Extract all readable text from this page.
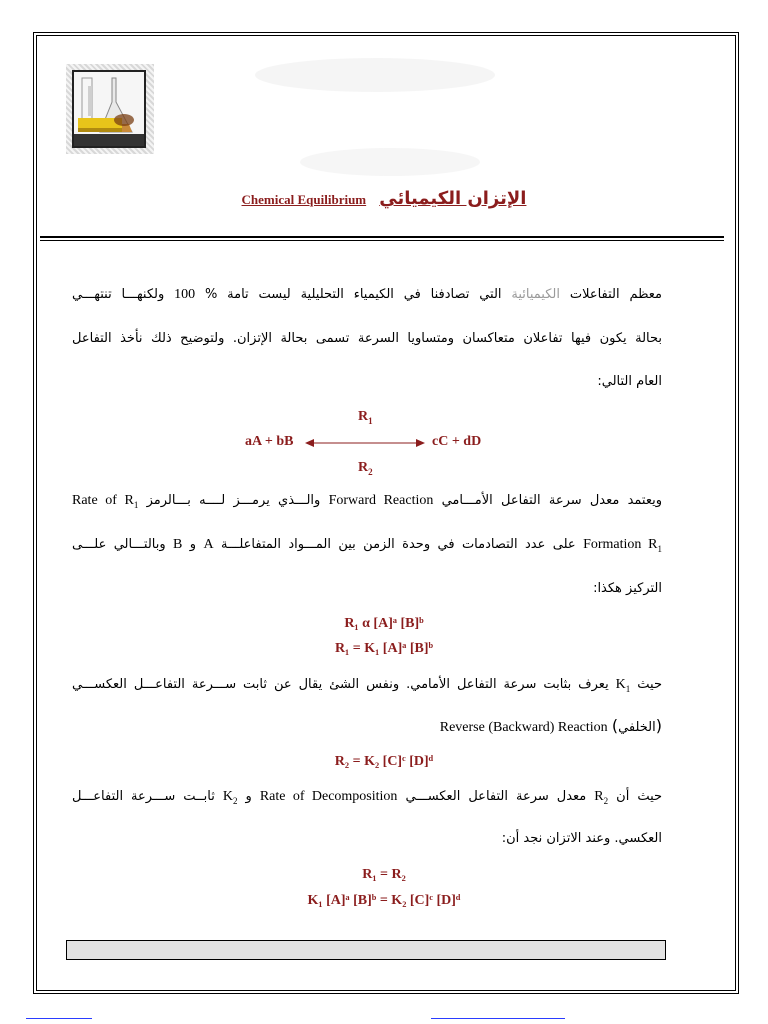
Chemical Equilibrium الإتزان الكيميائي
معظم التفاعلات الكيميائية التي تصادفنا في الكيمياء التحليلية ليست تامة % 100 ولكنهـــا تنتهـــي
بحالة يكون فيها تفاعلان متعاكسان ومتساويا السرعة تسمى بحالة الإتزان. ولتوضيح ذلك نأخذ التفاعل
العام التالي:
$R_1$
aA + bB	cC + dD
$R_2$
ويعتمد معدل سرعة التفاعل الأمـــامي Forward Reaction والـــذي يرمـــز لــــه بـــالرمز Rate of $R_1$
Formation $R_1$ على عدد التصادمات في وحدة الزمن بين المـــواد المتفاعلـــة A و B وبالتـــالي علـــى
التركيز هكذا:
R₁ α [A]ᵃ [B]ᵇ
R₁ = K₁ [A]ᵃ [B]ᵇ
حيث $K_1$ يعرف بثابت سرعة التفاعل الأمامي. ونفس الشئ يقال عن ثابت ســـرعة التفاعـــل العكســـي
(الخلفي) Reverse (Backward) Reaction
R₂ = K₂ [C]ᶜ [D]ᵈ
حيث أن $R_2$ معدل سرعة التفاعل العكســـي Rate of Decomposition و $K_2$ ثابــت ســـرعة التفاعـــل
العكسي. وعند الاتزان نجد أن:
R₁ = R₂
K₁ [A]ᵃ [B]ᵇ = K₂ [C]ᶜ [D]ᵈ
